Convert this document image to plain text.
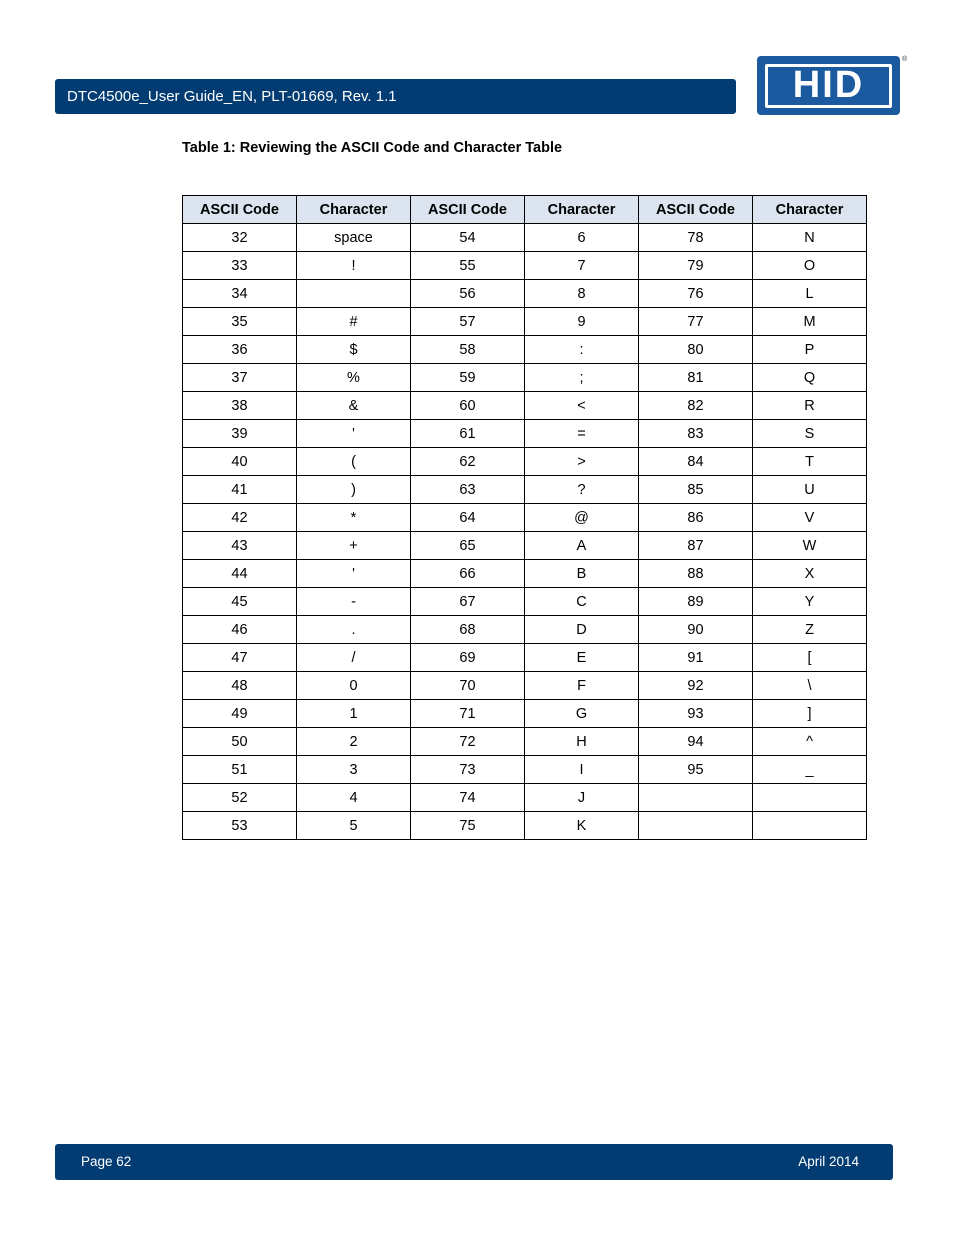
DTC4500e_User Guide_EN, PLT-01669, Rev. 1.1	HID
®
Table 1: Reviewing the ASCII Code and Character Table
ASCII Code	Character	ASCII Code	Character	ASCII Code	Character
32	space	54	6	78	N
33	!	55	7	79	O
34		56	8	76	L
35	#	57	9	77	M
36	$	58	:	80	P
37	%	59	;	81	Q
38	&	60	<	82	R
39	'	61	=	83	S
40	(	62	>	84	T
41	)	63	?	85	U
42	*	64	@	86	V
43	+	65	A	87	W
44	'	66	B	88	X
45	-	67	C	89	Y
46	.	68	D	90	Z
47	/	69	E	91	[
48	0	70	F	92	\
49	1	71	G	93	]
50	2	72	H	94	^
51	3	73	I	95	_
52	4	74	J		
53	5	75	K		
Page 62	April 2014
